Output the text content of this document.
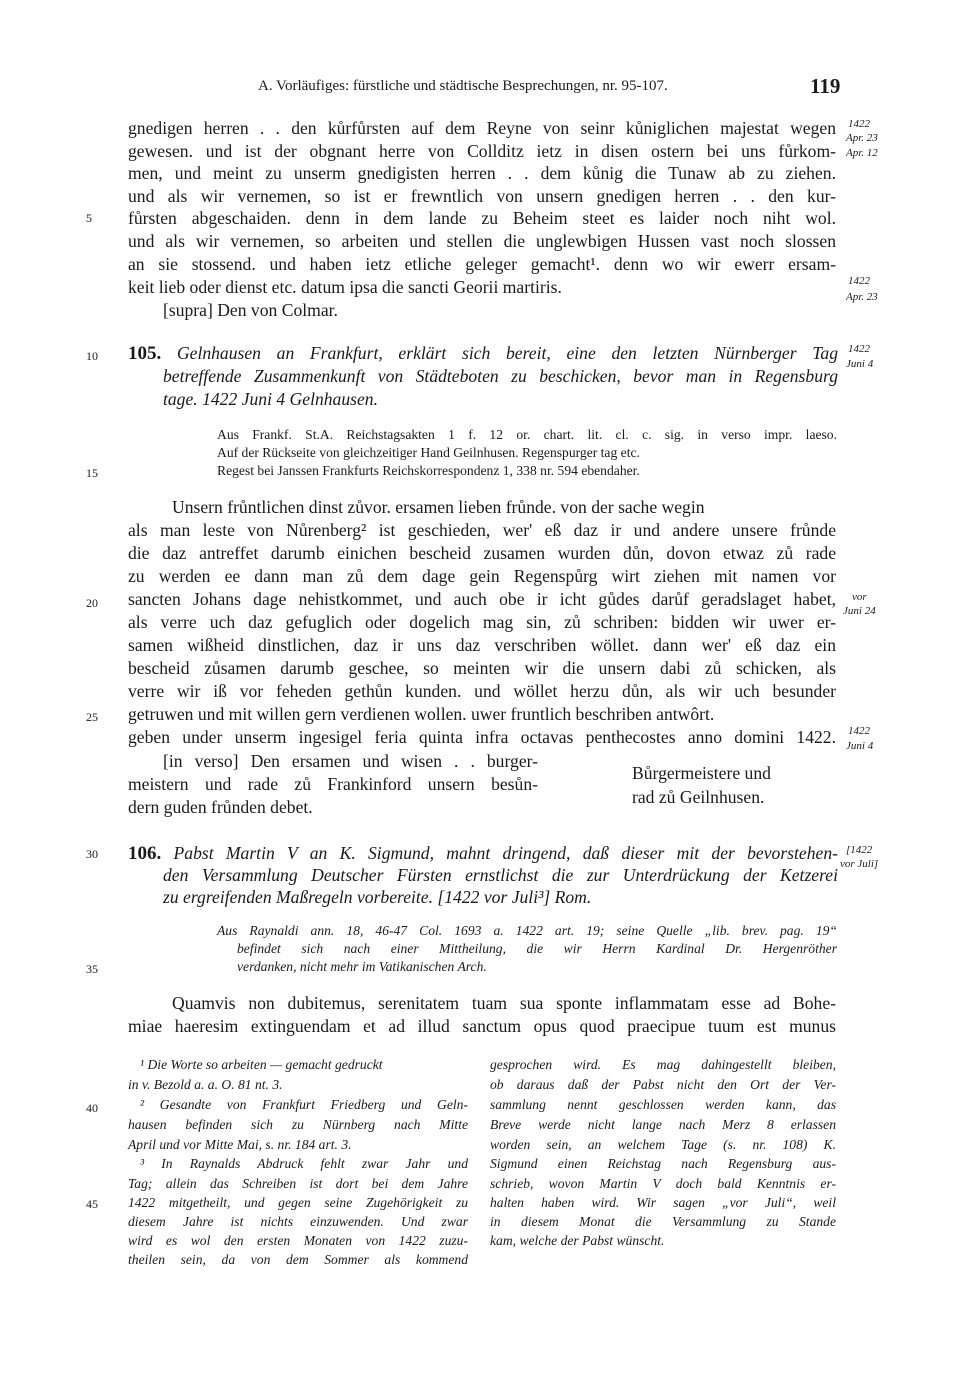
A. Vorläufiges: fürstliche und städtische Besprechungen, nr. 95-107.	119
5
10
15
20
25
30
35
40
45
1422
Apr. 23
Apr. 12
1422
Apr. 23
1422
Juni 4
vor
Juni 24
1422
Juni 4
[1422
vor Juli]
gnedigen herren . . den kůrfůrsten auf dem Reyne von seinr kůniglichen majestat wegen
gewesen. und ist der obgnant herre von Collditz ietz in disen ostern bei uns fůrkom-
men, und meint zu unserm gnedigisten herren . . dem kůnig die Tunaw ab zu ziehen.
und als wir vernemen, so ist er frewntlich von unsern gnedigen herren . . den kur-
fůrsten abgeschaiden. denn in dem lande zu Beheim steet es laider noch niht wol.
und als wir vernemen, so arbeiten und stellen die unglewbigen Hussen vast noch slossen
an sie stossend. und haben ietz etliche geleger gemacht¹. denn wo wir ewerr ersam-
keit lieb oder dienst etc. datum ipsa die sancti Georii martiris.
[supra] Den von Colmar.
105. Gelnhausen an Frankfurt, erklärt sich bereit, eine den letzten Nürnberger Tag
betreffende Zusammenkunft von Städteboten zu beschicken, bevor man in Regensburg
tage. 1422 Juni 4 Gelnhausen.
Aus Frankf. St.A. Reichstagsakten 1 f. 12 or. chart. lit. cl. c. sig. in verso impr. laeso.
Auf der Rückseite von gleichzeitiger Hand Geilnhusen. Regenspurger tag etc.
Regest bei Janssen Frankfurts Reichskorrespondenz 1, 338 nr. 594 ebendaher.
Unsern frůntlichen dinst zůvor. ersamen lieben frůnde. von der sache wegin
als man leste von Nůrenberg² ist geschieden, wer' eß daz ir und andere unsere frůnde
die daz antreffet darumb einichen bescheid zusamen wurden důn, dovon etwaz zů rade
zu werden ee dann man zů dem dage gein Regenspůrg wirt ziehen mit namen vor
sancten Johans dage nehistkommet, und auch obe ir icht gůdes darůf geradslaget habet,
als verre uch daz gefuglich oder dogelich mag sin, zů schriben: bidden wir uwer er-
samen wißheid dinstlichen, daz ir uns daz verschriben wöllet. dann wer' eß daz ein
bescheid zůsamen darumb geschee, so meinten wir die unsern dabi zů schicken, als
verre wir iß vor feheden gethůn kunden. und wöllet herzu důn, als wir uch besunder
getruwen und mit willen gern verdienen wollen. uwer fruntlich beschriben antwôrt.
geben under unserm ingesigel feria quinta infra octavas penthecostes anno domini 1422.
[in verso] Den ersamen und wisen . . burger-
meistern und rade zů Frankinford unsern besůn-
dern guden frůnden debet.
Bůrgermeistere und
rad zů Geilnhusen.
106. Pabst Martin V an K. Sigmund, mahnt dringend, daß dieser mit der bevorstehen-
den Versammlung Deutscher Fürsten ernstlichst die zur Unterdrückung der Ketzerei
zu ergreifenden Maßregeln vorbereite. [1422 vor Juli³] Rom.
Aus Raynaldi ann. 18, 46-47 Col. 1693 a. 1422 art. 19; seine Quelle „lib. brev. pag. 19“
befindet sich nach einer Mittheilung, die wir Herrn Kardinal Dr. Hergenröther
verdanken, nicht mehr im Vatikanischen Arch.
Quamvis non dubitemus, serenitatem tuam sua sponte inflammatam esse ad Bohe-
miae haeresim extinguendam et ad illud sanctum opus quod praecipue tuum est munus
¹ Die Worte so arbeiten — gemacht gedruckt
in v. Bezold a. a. O. 81 nt. 3.
² Gesandte von Frankfurt Friedberg und Geln-
hausen befinden sich zu Nürnberg nach Mitte
April und vor Mitte Mai, s. nr. 184 art. 3.
³ In Raynalds Abdruck fehlt zwar Jahr und
Tag; allein das Schreiben ist dort bei dem Jahre
1422 mitgetheilt, und gegen seine Zugehörigkeit zu
diesem Jahre ist nichts einzuwenden. Und zwar
wird es wol den ersten Monaten von 1422 zuzu-
theilen sein, da von dem Sommer als kommend
gesprochen wird. Es mag dahingestellt bleiben,
ob daraus daß der Pabst nicht den Ort der Ver-
sammlung nennt geschlossen werden kann, das
Breve werde nicht lange nach Merz 8 erlassen
worden sein, an welchem Tage (s. nr. 108) K.
Sigmund einen Reichstag nach Regensburg aus-
schrieb, wovon Martin V doch bald Kenntnis er-
halten haben wird. Wir sagen „vor Juli“, weil
in diesem Monat die Versammlung zu Stande
kam, welche der Pabst wünscht.
